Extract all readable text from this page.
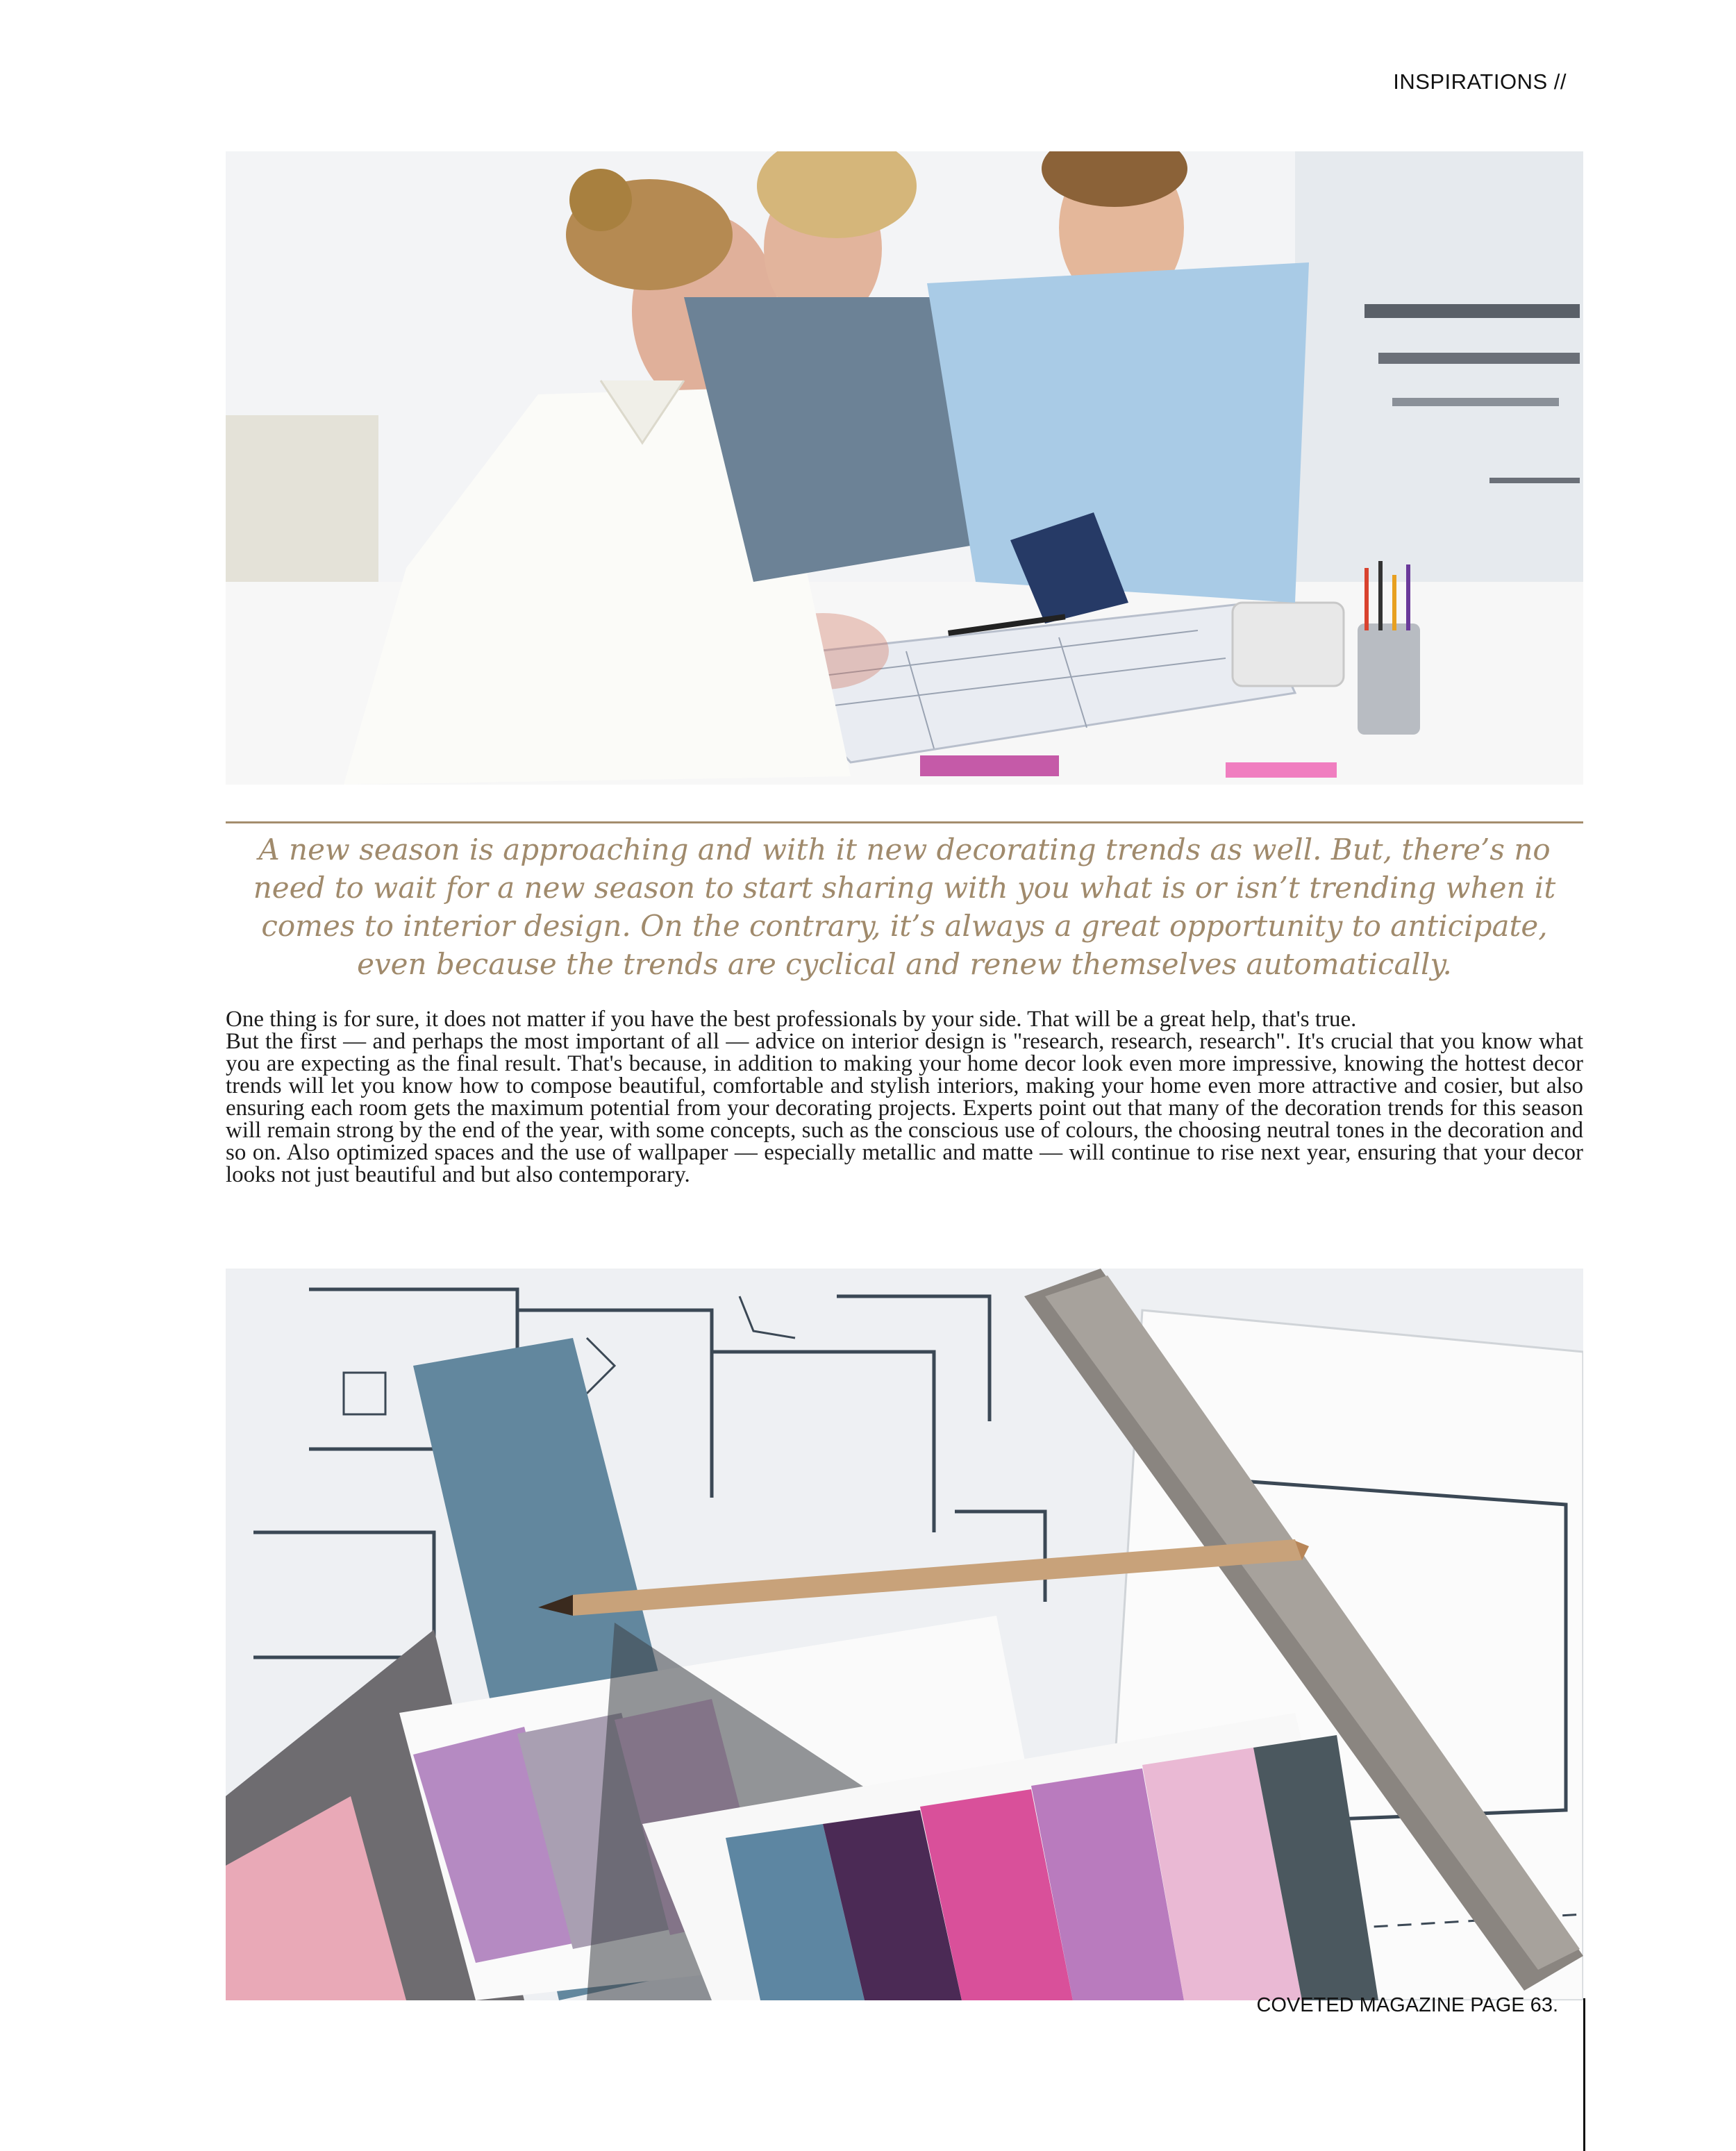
INSPIRATIONS //
A new season is approaching and with it new decorating trends as well. But, there’s no need to wait for a new season to start sharing with you what is or isn’t trending when it comes to interior design. On the contrary, it’s always a great opportunity to anticipate, even because the trends are cyclical and renew themselves automatically.

One thing is for sure, it does not matter if you have the best professionals by your side. That will be a great help, that's true.

But the first — and perhaps the most important of all — advice on interior design is "research, research, research". It's crucial that you know what you are expecting as the final result. That's because, in addition to making your home decor look even more impressive, knowing the hottest decor trends will let you know how to compose beautiful, comfortable and stylish interiors, making your home even more attractive and cosier, but also ensuring each room gets the maximum potential from your decorating projects. Experts point out that many of the decoration trends for this season will remain strong by the end of the year, with some concepts, such as the conscious use of colours, the choosing neutral tones in the decoration and so on. Also optimized spaces and the use of wallpaper — especially metallic and matte — will continue to rise next year, ensuring that your decor looks not just beautiful and but also contemporary.

COVETED MAGAZINE PAGE 63.
